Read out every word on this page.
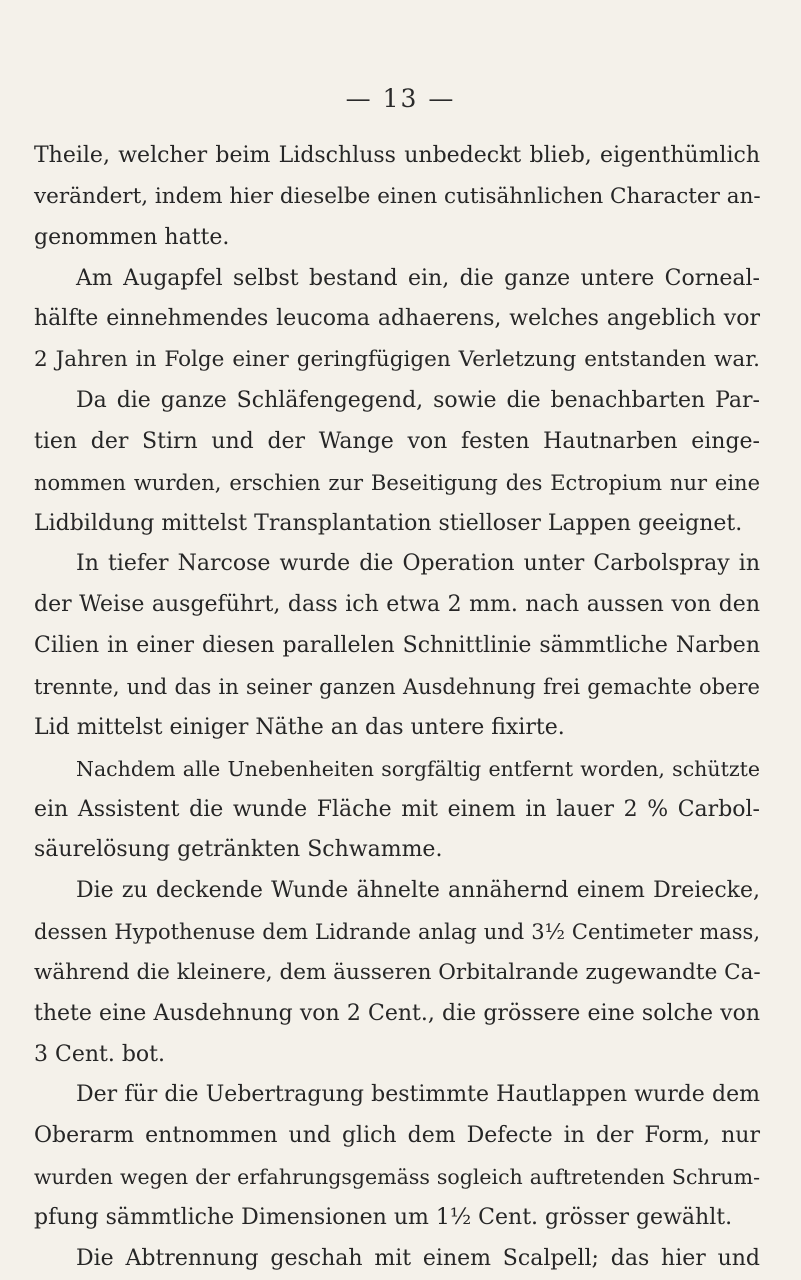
— 13 —
Theile, welcher beim Lidschluss unbedeckt blieb, eigenthümlich
verändert, indem hier dieselbe einen cutisähnlichen Character an-
genommen hatte.
Am Augapfel selbst bestand ein, die ganze untere Corneal-
hälfte einnehmendes leucoma adhaerens, welches angeblich vor
2 Jahren in Folge einer geringfügigen Verletzung entstanden war.
Da die ganze Schläfengegend, sowie die benachbarten Par-
tien der Stirn und der Wange von festen Hautnarben einge-
nommen wurden, erschien zur Beseitigung des Ectropium nur eine
Lidbildung mittelst Transplantation stielloser Lappen geeignet.
In tiefer Narcose wurde die Operation unter Carbolspray in
der Weise ausgeführt, dass ich etwa 2 mm. nach aussen von den
Cilien in einer diesen parallelen Schnittlinie sämmtliche Narben
trennte, und das in seiner ganzen Ausdehnung frei gemachte obere
Lid mittelst einiger Näthe an das untere fixirte.
Nachdem alle Unebenheiten sorgfältig entfernt worden, schützte
ein Assistent die wunde Fläche mit einem in lauer 2 % Carbol-
säurelösung getränkten Schwamme.
Die zu deckende Wunde ähnelte annähernd einem Dreiecke,
dessen Hypothenuse dem Lidrande anlag und 3½ Centimeter mass,
während die kleinere, dem äusseren Orbitalrande zugewandte Ca-
thete eine Ausdehnung von 2 Cent., die grössere eine solche von
3 Cent. bot.
Der für die Uebertragung bestimmte Hautlappen wurde dem
Oberarm entnommen und glich dem Defecte in der Form, nur
wurden wegen der erfahrungsgemäss sogleich auftretenden Schrum-
pfung sämmtliche Dimensionen um 1½ Cent. grösser gewählt.
Die Abtrennung geschah mit einem Scalpell; das hier und
